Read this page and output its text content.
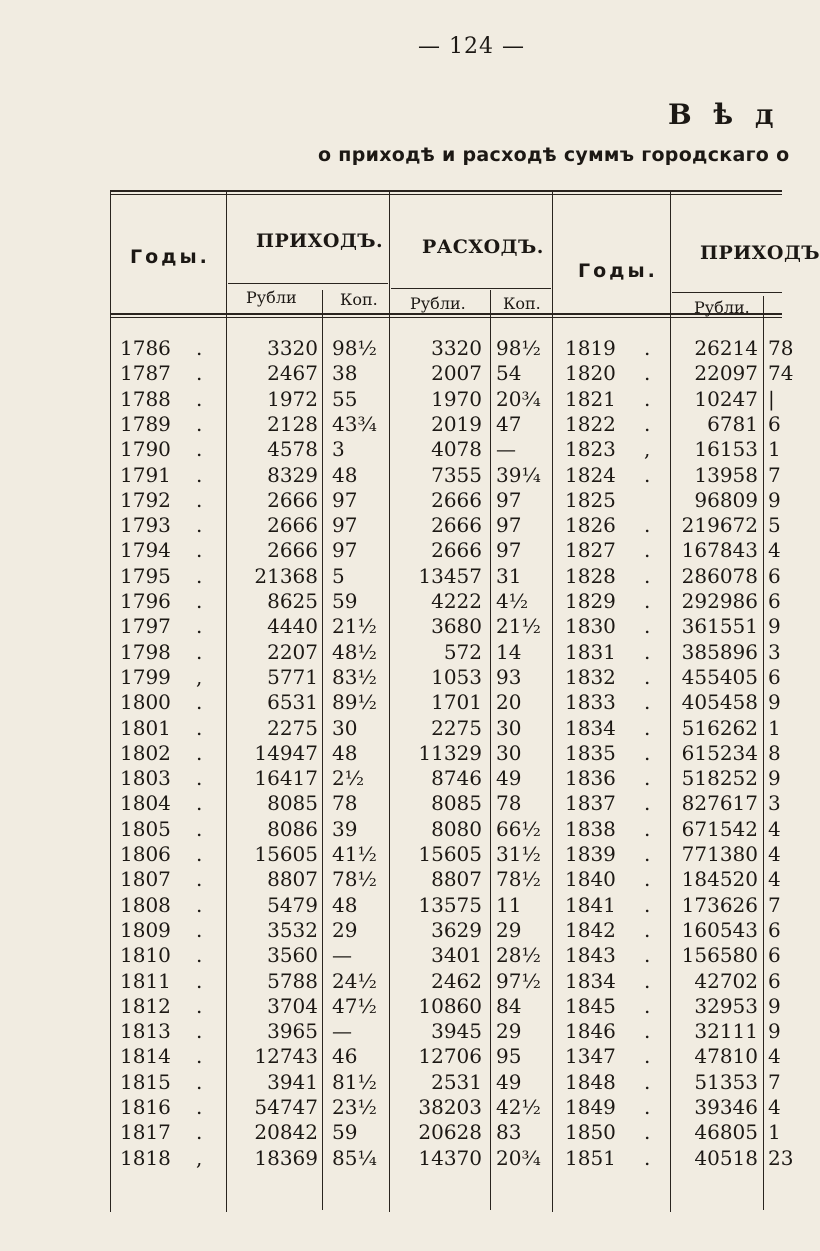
— 124 —
В ѣ д
о приходѣ и расходѣ суммъ городскаго о
Годы.
ПРИХОДЪ.
Рубли	Коп.
РАСХОДЪ.
Рубли. Коп.
Годы.
ПРИХОДЪ
Рубли.
1786	.	3320 98½	3320 98½ 1819 .	26214 78
1787	.	2467 38	2007 54 1820 .	22097 74
1788	.	1972 55	1970 20¾ 1821 .	10247 |
1789	.	2128 43¾	2019 47 1822 .	6781 6
1790	.	4578 3	4078 — 1823 ,	16153 1
1791	.	8329 48	7355 39¼ 1824 .	13958 7
1792	.	2666 97	2666 97 1825	96809 9
1793	.	2666 97	2666 97 1826 .	219672 5
1794	.	2666 97	2666 97 1827 .	167843 4
1795	.	21368 5	13457 31 1828 .	286078 6
1796	.	8625 59	4222 4½ 1829 .	292986 6
1797	.	4440 21½	3680 21½ 1830 .	361551 9
1798	.	2207 48½	572 14 1831 .	385896 3
1799	,	5771 83½	1053 93 1832 .	455405 6
1800	.	6531 89½	1701 20 1833 .	405458 9
1801	.	2275 30	2275 30 1834 .	516262 1
1802	.	14947 48	11329 30 1835 .	615234 8
1803	.	16417 2½	8746 49 1836 .	518252 9
1804	.	8085 78	8085 78 1837 .	827617 3
1805	.	8086 39	8080 66½ 1838 .	671542 4
1806	.	15605 41½	15605 31½ 1839 .	771380 4
1807	.	8807 78½	8807 78½ 1840 .	184520 4
1808	.	5479 48	13575 11 1841 .	173626 7
1809	.	3532 29	3629 29 1842 .	160543 6
1810	.	3560 —	3401 28½ 1843 .	156580 6
1811	.	5788 24½	2462 97½ 1834 .	42702 6
1812	.	3704 47½	10860 84 1845 .	32953 9
1813	.	3965 —	3945 29 1846 .	32111 9
1814	.	12743 46	12706 95 1347 .	47810 4
1815	.	3941 81½	2531 49 1848 .	51353 7
1816	.	54747 23½	38203 42½ 1849 .	39346 4
1817	.	20842 59	20628 83 1850 .	46805 1
1818	,	18369 85¼	14370 20¾ 1851 .	40518 23
